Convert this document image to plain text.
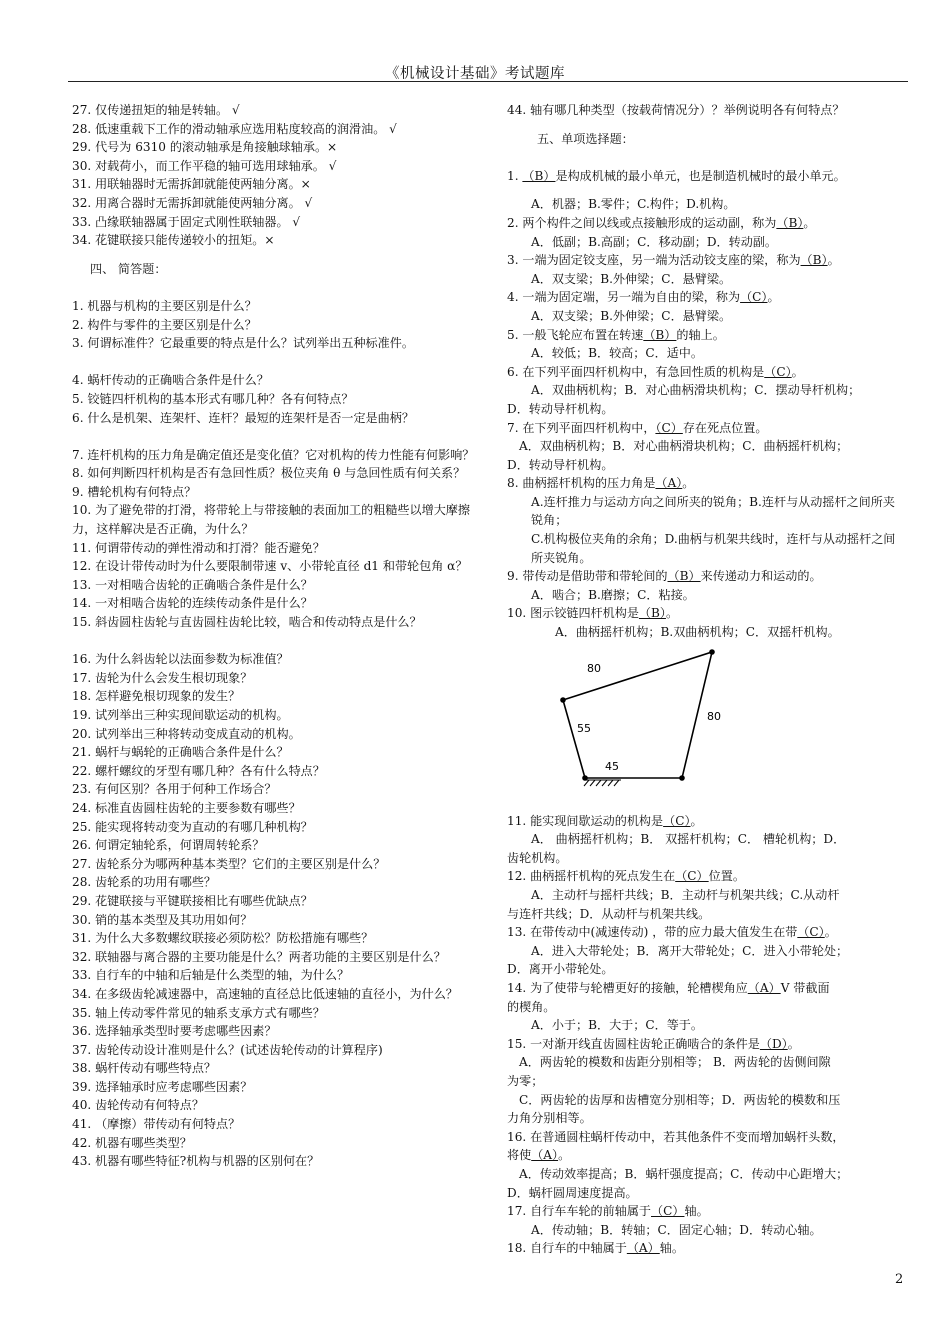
《机械设计基础》考试题库

27. 仅传递扭矩的轴是转轴。 √

28. 低速重载下工作的滑动轴承应选用粘度较高的润滑油。 √

29. 代号为 6310 的滚动轴承是角接触球轴承。×

30. 对载荷小，而工作平稳的轴可选用球轴承。 √

31. 用联轴器时无需拆卸就能使两轴分离。×

32. 用离合器时无需拆卸就能使两轴分离。 √

33. 凸缘联轴器属于固定式刚性联轴器。 √

34. 花键联接只能传递较小的扭矩。×

四、 简答题：

1. 机器与机构的主要区别是什么？

2. 构件与零件的主要区别是什么？

3. 何谓标准件？它最重要的特点是什么？试列举出五种标准件。

4. 蜗杆传动的正确啮合条件是什么？

5. 铰链四杆机构的基本形式有哪几种？各有何特点？

6. 什么是机架、连架杆、连杆？最短的连架杆是否一定是曲柄？

7. 连杆机构的压力角是确定值还是变化值？它对机构的传力性能有何影响？

8. 如何判断四杆机构是否有急回性质？极位夹角 θ 与急回性质有何关系？

9. 槽轮机构有何特点？

10. 为了避免带的打滑，将带轮上与带接触的表面加工的粗糙些以增大摩擦力，这样解决是否正确，为什么？

11. 何谓带传动的弹性滑动和打滑？能否避免？

12. 在设计带传动时为什么要限制带速 v、小带轮直径 d1 和带轮包角 α？

13. 一对相啮合齿轮的正确啮合条件是什么？

14. 一对相啮合齿轮的连续传动条件是什么？

15. 斜齿圆柱齿轮与直齿圆柱齿轮比较，啮合和传动特点是什么？

16. 为什么斜齿轮以法面参数为标准值？

17. 齿轮为什么会发生根切现象？

18. 怎样避免根切现象的发生？

19. 试列举出三种实现间歇运动的机构。

20. 试列举出三种将转动变成直动的机构。

21. 蜗杆与蜗轮的正确啮合条件是什么？

22. 螺杆螺纹的牙型有哪几种？各有什么特点？

23. 有何区别？各用于何种工作场合？

24. 标准直齿圆柱齿轮的主要参数有哪些？

25. 能实现将转动变为直动的有哪几种机构？

26. 何谓定轴轮系，何谓周转轮系？

27. 齿轮系分为哪两种基本类型？它们的主要区别是什么？

28. 齿轮系的功用有哪些？

29. 花键联接与平键联接相比有哪些优缺点？

30. 销的基本类型及其功用如何？

31. 为什么大多数螺纹联接必须防松？防松措施有哪些？

32. 联轴器与离合器的主要功能是什么？两者功能的主要区别是什么？

33. 自行车的中轴和后轴是什么类型的轴，为什么？

34. 在多级齿轮减速器中，高速轴的直径总比低速轴的直径小，为什么？

35. 轴上传动零件常见的轴系支承方式有哪些？

36. 选择轴承类型时要考虑哪些因素？

37. 齿轮传动设计准则是什么？(试述齿轮传动的计算程序)

38. 蜗杆传动有哪些特点？

39. 选择轴承时应考虑哪些因素？

40. 齿轮传动有何特点？

41. （摩擦）带传动有何特点？

42. 机器有哪些类型？

43. 机器有哪些特征?机构与机器的区别何在？

44. 轴有哪几种类型（按载荷情况分）？举例说明各有何特点？

五、单项选择题：

1. （B）是构成机械的最小单元，也是制造机械时的最小单元。

A．机器；B.零件；C.构件；D.机构。

2. 两个构件之间以线或点接触形成的运动副，称为（B）。

A．低副；B.高副；C．移动副；D．转动副。

3. 一端为固定铰支座，另一端为活动铰支座的梁，称为（B）。

A．双支梁；B.外伸梁；C．悬臂梁。

4. 一端为固定端，另一端为自由的梁，称为（C）。

A．双支梁；B.外伸梁；C．悬臂梁。

5. 一般飞轮应布置在转速（B）的轴上。

A．较低；B．较高；C．适中。

6. 在下列平面四杆机构中，有急回性质的机构是（C）。

A．双曲柄机构；B．对心曲柄滑块机构；C．摆动导杆机构；

D．转动导杆机构。

7. 在下列平面四杆机构中，（C）存在死点位置。

A．双曲柄机构；B．对心曲柄滑块机构；C．曲柄摇杆机构；

D．转动导杆机构。

8. 曲柄摇杆机构的压力角是（A）。

A.连杆推力与运动方向之间所夹的锐角；B.连杆与从动摇杆之间所夹锐角；

C.机构极位夹角的余角；D.曲柄与机架共线时，连杆与从动摇杆之间所夹锐角。

9. 带传动是借助带和带轮间的（B）来传递动力和运动的。

A．啮合；B.磨擦；C．粘接。

10. 图示铰链四杆机构是（B）。

A．曲柄摇杆机构；B.双曲柄机构；C．双摇杆机构。

80
80
55
45

11. 能实现间歇运动的机构是（C）。

A． 曲柄摇杆机构；B． 双摇杆机构；C． 槽轮机构；D．

齿轮机构。

12. 曲柄摇杆机构的死点发生在（C）位置。

A．主动杆与摇杆共线；B．主动杆与机架共线；C.从动杆

与连杆共线；D．从动杆与机架共线。

13. 在带传动中(减速传动) ，带的应力最大值发生在带（C）。

A．进入大带轮处；B．离开大带轮处；C．进入小带轮处；

D．离开小带轮处。

14. 为了使带与轮槽更好的接触，轮槽楔角应（A）V 带截面

的楔角。

A．小于；B．大于；C．等于。

15. 一对渐开线直齿圆柱齿轮正确啮合的条件是（D）。

A．两齿轮的模数和齿距分别相等； B．两齿轮的齿侧间隙

为零；

C．两齿轮的齿厚和齿槽宽分别相等；D．两齿轮的模数和压

力角分别相等。

16. 在普通圆柱蜗杆传动中，若其他条件不变而增加蜗杆头数，

将使（A）。

A．传动效率提高；B．蜗杆强度提高；C．传动中心距增大；

D．蜗杆圆周速度提高。

17. 自行车车轮的前轴属于（C）轴。

A．传动轴；B．转轴；C．固定心轴；D．转动心轴。

18. 自行车的中轴属于（A）轴。

2
